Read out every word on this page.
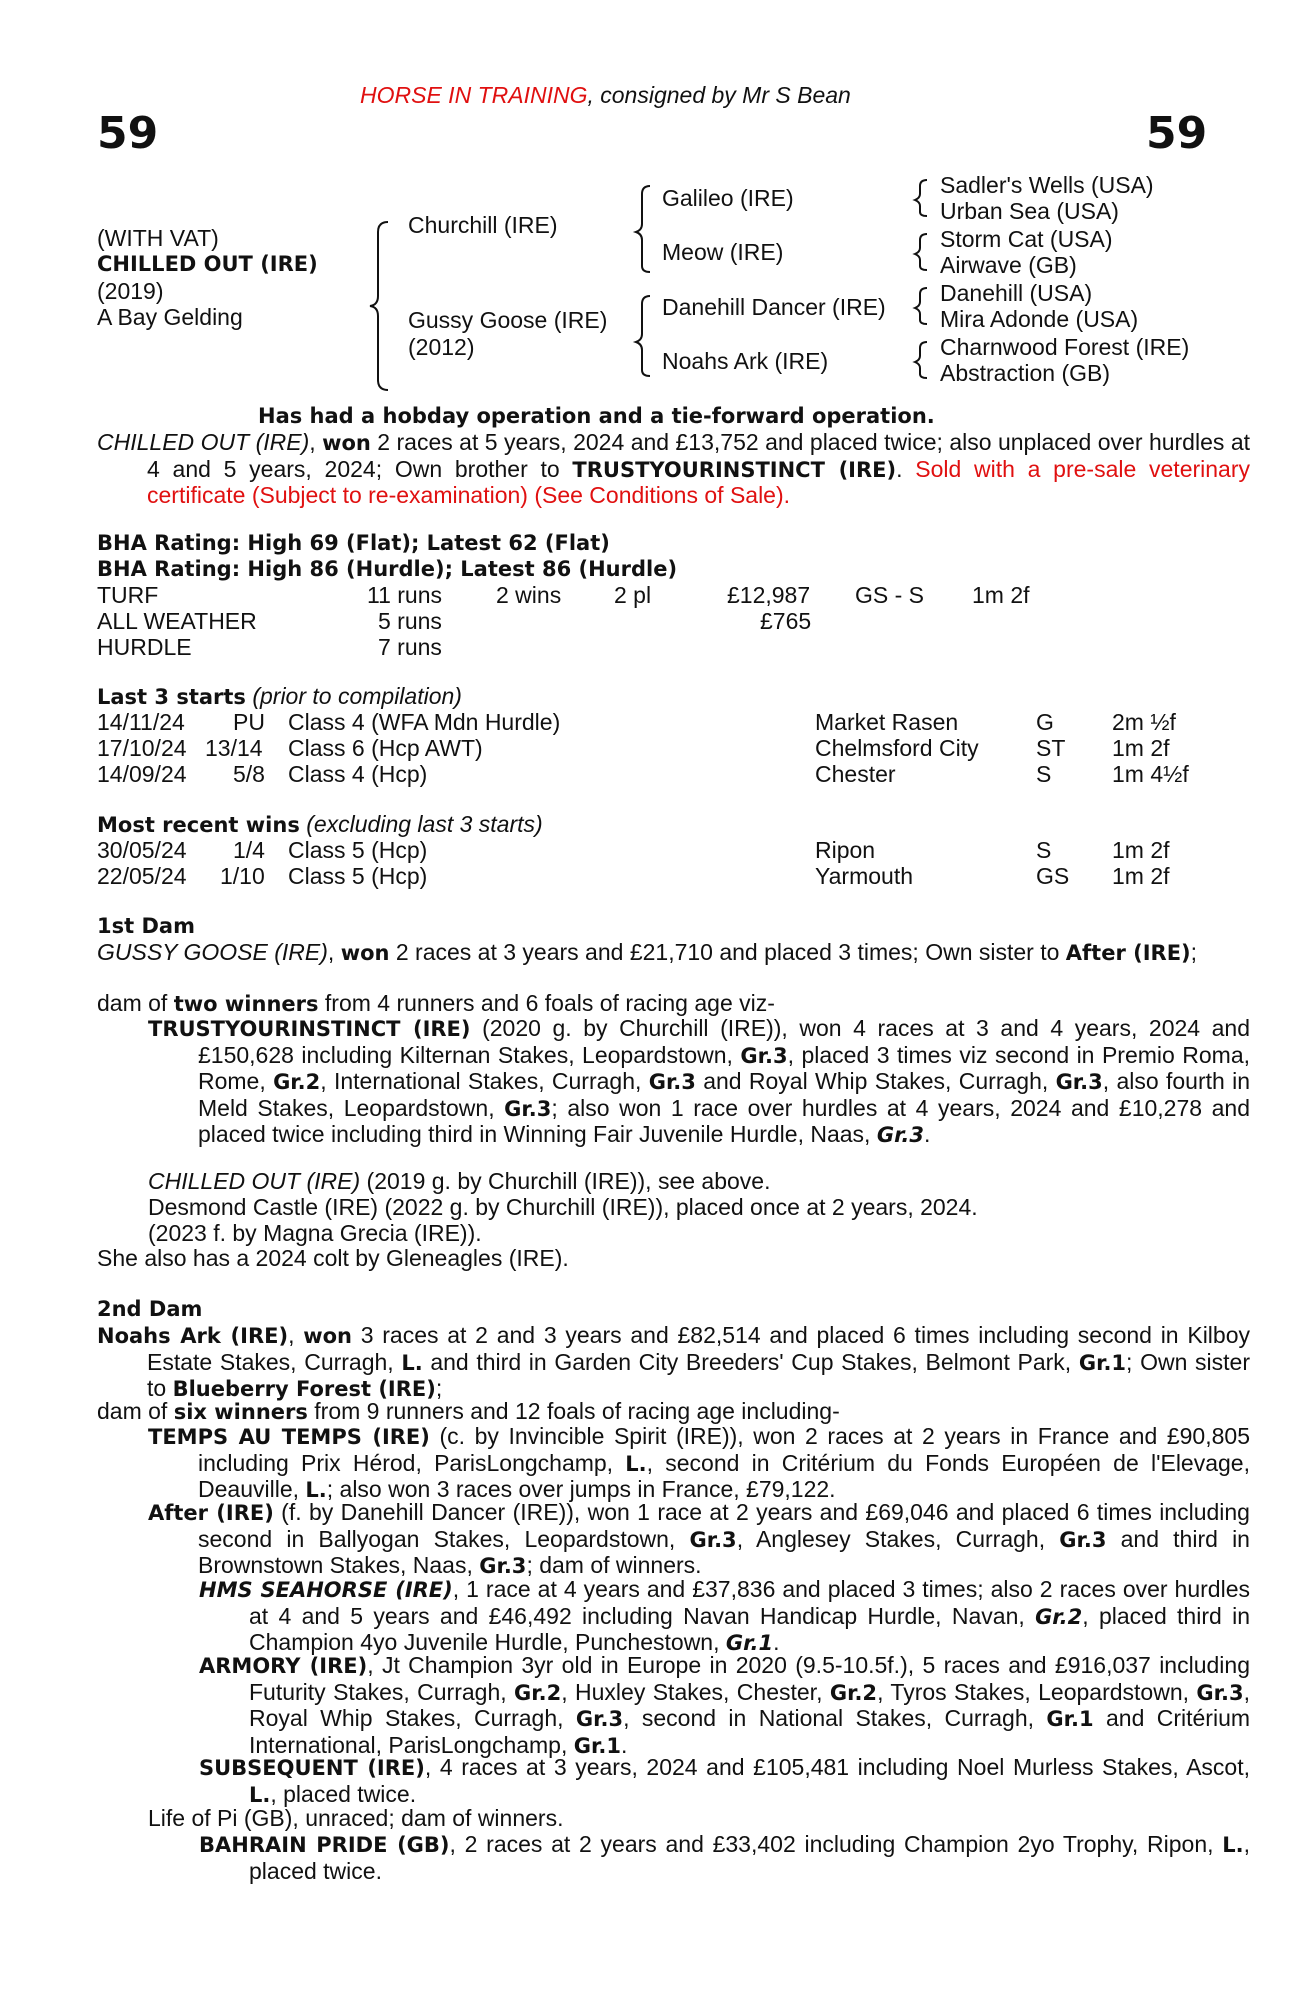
HORSE IN TRAINING, consigned by Mr S Bean
59	59
(WITH VAT)
CHILLED OUT (IRE)
(2019)
A Bay Gelding
Churchill (IRE)
Gussy Goose (IRE)
(2012)
Galileo (IRE)
Meow (IRE)
Danehill Dancer (IRE)
Noahs Ark (IRE)
Sadler's Wells (USA)
Urban Sea (USA)
Storm Cat (USA)
Airwave (GB)
Danehill (USA)
Mira Adonde (USA)
Charnwood Forest (IRE)
Abstraction (GB)
Has had a hobday operation and a tie-forward operation.
CHILLED OUT (IRE), won 2 races at 5 years, 2024 and £13,752 and placed twice; also unplaced over hurdles at 4 and 5 years, 2024; Own brother to TRUSTYOURINSTINCT (IRE). Sold with a pre-sale veterinary certificate (Subject to re-examination) (See Conditions of Sale).
BHA Rating: High 69 (Flat); Latest 62 (Flat)
BHA Rating: High 86 (Hurdle); Latest 86 (Hurdle)
TURF	11 runs 2 wins 2 pl	£12,987 GS - S 1m 2f
ALL WEATHER	5 runs	£765
HURDLE	7 runs
Last 3 starts (prior to compilation)
14/11/24 PU Class 4 (WFA Mdn Hurdle)	Market Rasen	G	2m ½f
17/10/24 13/14 Class 6 (Hcp AWT)	Chelmsford City ST 1m 2f
14/09/24 5/8 Class 4 (Hcp)	Chester	S	1m 4½f
Most recent wins (excluding last 3 starts)
30/05/24 1/4 Class 5 (Hcp)	Ripon	S	1m 2f
22/05/24 1/10 Class 5 (Hcp)	Yarmouth	GS 1m 2f
1st Dam
GUSSY GOOSE (IRE), won 2 races at 3 years and £21,710 and placed 3 times; Own sister to After (IRE);
dam of two winners from 4 runners and 6 foals of racing age viz-
TRUSTYOURINSTINCT (IRE) (2020 g. by Churchill (IRE)), won 4 races at 3 and 4 years, 2024 and £150,628 including Kilternan Stakes, Leopardstown, Gr.3, placed 3 times viz second in Premio Roma, Rome, Gr.2, International Stakes, Curragh, Gr.3 and Royal Whip Stakes, Curragh, Gr.3, also fourth in Meld Stakes, Leopardstown, Gr.3; also won 1 race over hurdles at 4 years, 2024 and £10,278 and placed twice including third in Winning Fair Juvenile Hurdle, Naas, Gr.3.
CHILLED OUT (IRE) (2019 g. by Churchill (IRE)), see above.
Desmond Castle (IRE) (2022 g. by Churchill (IRE)), placed once at 2 years, 2024.
(2023 f. by Magna Grecia (IRE)).
She also has a 2024 colt by Gleneagles (IRE).
2nd Dam
Noahs Ark (IRE), won 3 races at 2 and 3 years and £82,514 and placed 6 times including second in Kilboy Estate Stakes, Curragh, L. and third in Garden City Breeders' Cup Stakes, Belmont Park, Gr.1; Own sister to Blueberry Forest (IRE);
dam of six winners from 9 runners and 12 foals of racing age including-
TEMPS AU TEMPS (IRE) (c. by Invincible Spirit (IRE)), won 2 races at 2 years in France and £90,805 including Prix Hérod, ParisLongchamp, L., second in Critérium du Fonds Européen de l'Elevage, Deauville, L.; also won 3 races over jumps in France, £79,122.
After (IRE) (f. by Danehill Dancer (IRE)), won 1 race at 2 years and £69,046 and placed 6 times including second in Ballyogan Stakes, Leopardstown, Gr.3, Anglesey Stakes, Curragh, Gr.3 and third in Brownstown Stakes, Naas, Gr.3; dam of winners.
HMS SEAHORSE (IRE), 1 race at 4 years and £37,836 and placed 3 times; also 2 races over hurdles at 4 and 5 years and £46,492 including Navan Handicap Hurdle, Navan, Gr.2, placed third in Champion 4yo Juvenile Hurdle, Punchestown, Gr.1.
ARMORY (IRE), Jt Champion 3yr old in Europe in 2020 (9.5-10.5f.), 5 races and £916,037 including Futurity Stakes, Curragh, Gr.2, Huxley Stakes, Chester, Gr.2, Tyros Stakes, Leopardstown, Gr.3, Royal Whip Stakes, Curragh, Gr.3, second in National Stakes, Curragh, Gr.1 and Critérium International, ParisLongchamp, Gr.1.
SUBSEQUENT (IRE), 4 races at 3 years, 2024 and £105,481 including Noel Murless Stakes, Ascot, L., placed twice.
Life of Pi (GB), unraced; dam of winners.
BAHRAIN PRIDE (GB), 2 races at 2 years and £33,402 including Champion 2yo Trophy, Ripon, L., placed twice.
